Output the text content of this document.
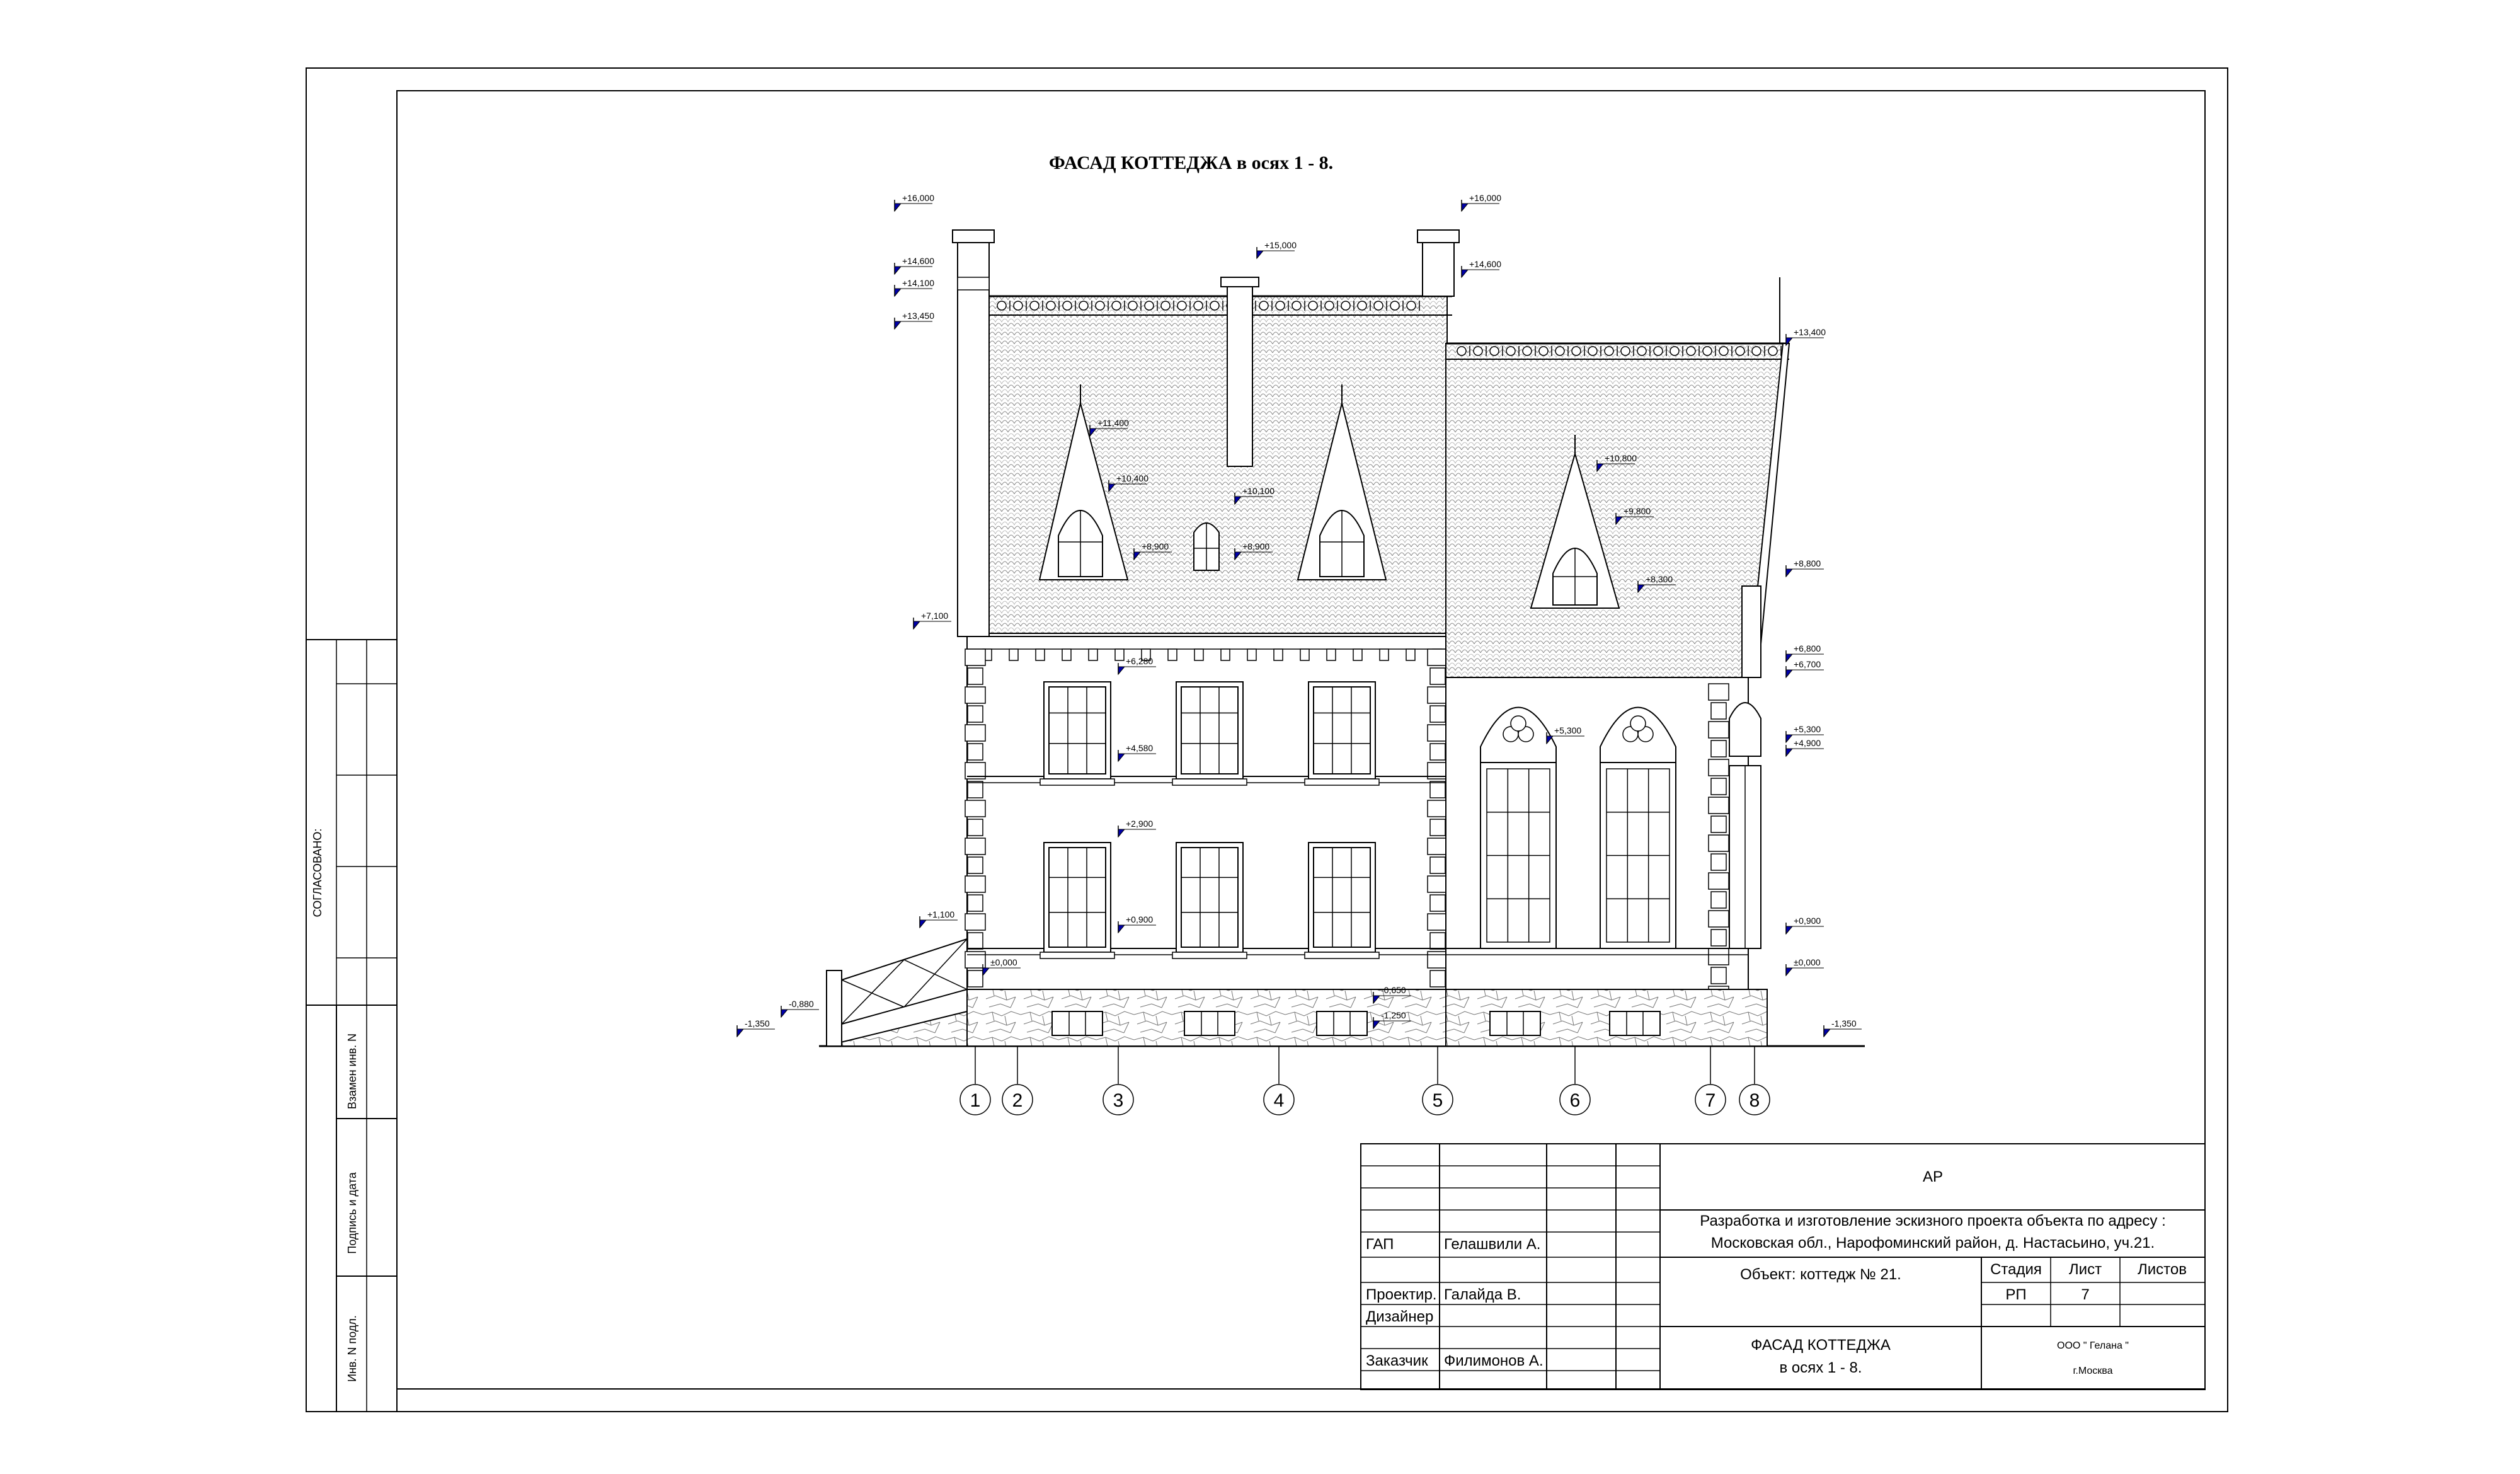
ФАСАД КОТТЕДЖА в осях 1 - 8.
+16,000
+14,600
+14,100
+13,450
+7,100
+1,100
-0,880
-1,350
+16,000
+14,600
+15,000
+13,400
+11,400
+10,400
+8,900
+10,100
+8,900
+10,800
+9,800
+8,300
+6,280
+4,580
+2,900
+0,900
±0,000
-0,650
-1,250
+5,300
+8,800
+6,800
+6,700
+5,300
+4,900
+0,900
±0,000
-1,350
1 2	3	4	5	6	7 8
СОГЛАСОВАНО:
Взамен инв. N
Подпись и дата
Инв. N подл.
АР
Разработка и изготовление эскизного проекта объекта по адресу :
Московская обл., Нарофоминский район, д. Настасьино, уч.21.
Объект: коттедж № 21.	Стадия Лист Листов
РП	7
ФАСАД КОТТЕДЖА
в осях 1 - 8.
ООО " Гелана "
г.Москва
ГАП	Гелашвили А.
Проектир. Галайда В.
Дизайнер
Заказчик Филимонов А.
